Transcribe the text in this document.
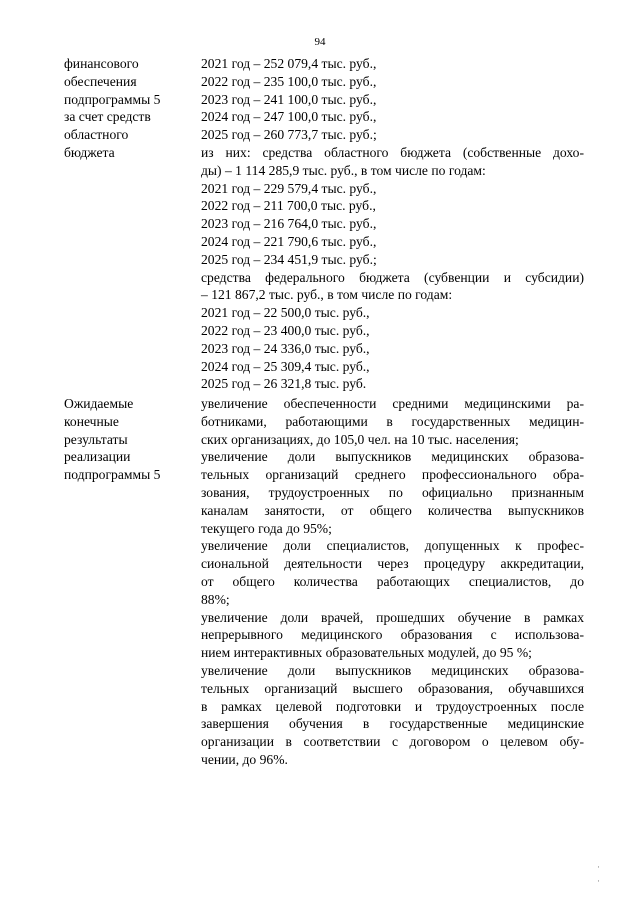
94
финансового
обеспечения
подпрограммы 5
за счет средств
областного
бюджета
2021 год – 252 079,4 тыс. руб.,
2022 год – 235 100,0 тыс. руб.,
2023 год – 241 100,0 тыс. руб.,
2024 год – 247 100,0 тыс. руб.,
2025 год – 260 773,7 тыс. руб.;
из них: средства областного бюджета (собственные дохо-
ды) – 1 114 285,9 тыс. руб., в том числе по годам:
2021 год – 229 579,4 тыс. руб.,
2022 год – 211 700,0 тыс. руб.,
2023 год – 216 764,0 тыс. руб.,
2024 год – 221 790,6 тыс. руб.,
2025 год – 234 451,9 тыс. руб.;
средства федерального бюджета (субвенции и субсидии)
– 121 867,2 тыс. руб., в том числе по годам:
2021 год – 22 500,0 тыс. руб.,
2022 год – 23 400,0 тыс. руб.,
2023 год – 24 336,0 тыс. руб.,
2024 год – 25 309,4 тыс. руб.,
2025 год – 26 321,8 тыс. руб.
Ожидаемые
конечные
результаты
реализации
подпрограммы 5
увеличение обеспеченности средними медицинскими ра-
ботниками, работающими в государственных медицин-
ских организациях, до 105,0 чел. на 10 тыс. населения;
увеличение доли выпускников медицинских образова-
тельных организаций среднего профессионального обра-
зования, трудоустроенных по официально признанным
каналам занятости, от общего количества выпускников
текущего года до 95%;
увеличение доли специалистов, допущенных к профес-
сиональной деятельности через процедуру аккредитации,
от общего количества работающих специалистов, до
88%;
увеличение доли врачей, прошедших обучение в рамках
непрерывного медицинского образования с использова-
нием интерактивных образовательных модулей, до 95 %;
увеличение доли выпускников медицинских образова-
тельных организаций высшего образования, обучавшихся
в рамках целевой подготовки и трудоустроенных после
завершения обучения в государственные медицинские
организации в соответствии с договором о целевом обу-
чении, до 96%.
·
·
